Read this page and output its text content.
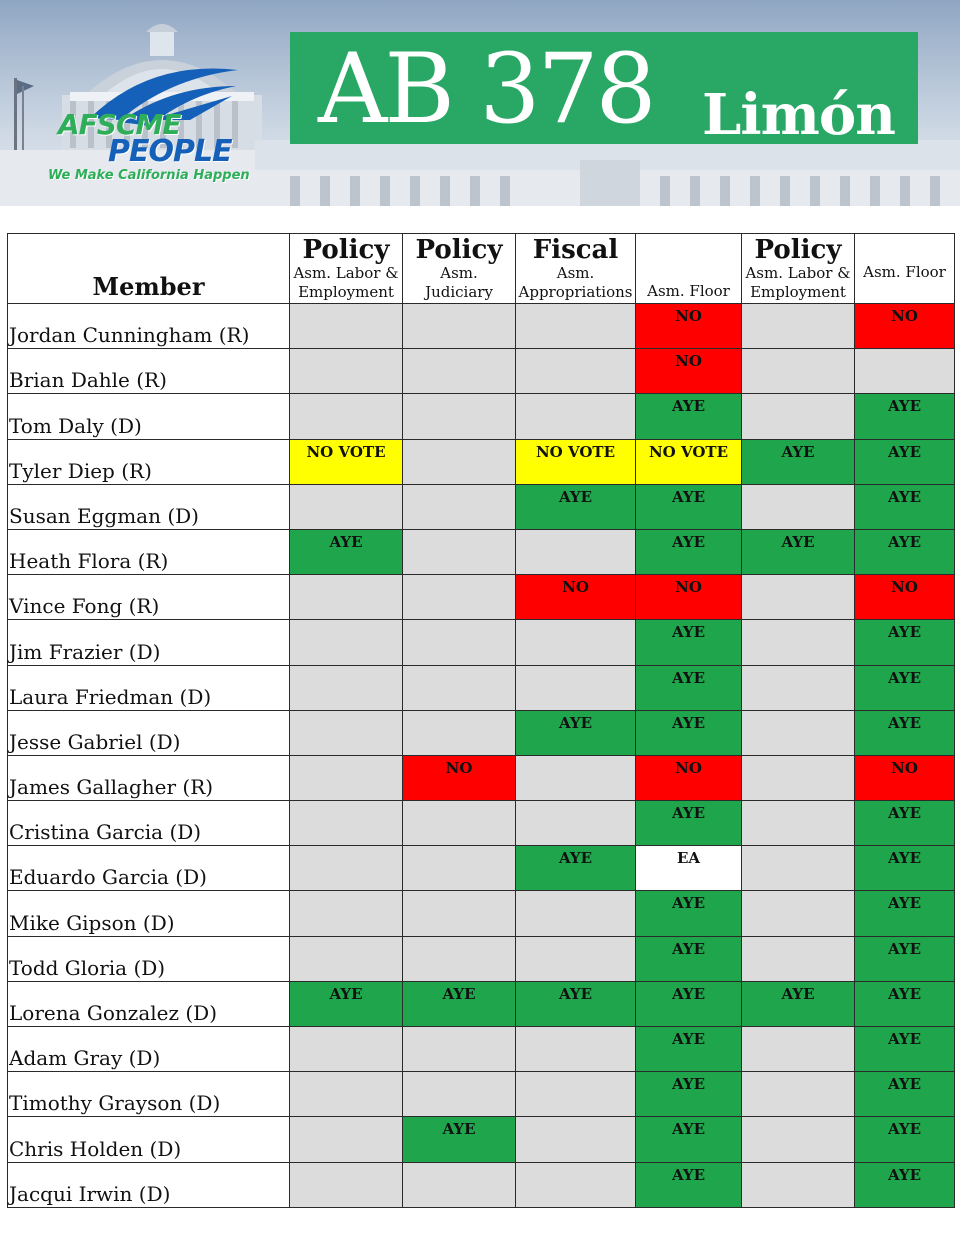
AFSCME
PEOPLE
We Make California Happen
AB 378 Limón
Member	Policy
Asm. Labor &
Employment	Policy
Asm.
Judiciary	Fiscal
Asm.
Appropriations	Asm. Floor	Policy
Asm. Labor &
Employment	Asm. Floor

Jordan Cunningham (R)				NO		NO
Brian Dahle (R)				NO		
Tom Daly (D)				AYE		AYE
Tyler Diep (R)	NO VOTE		NO VOTE	NO VOTE	AYE	AYE
Susan Eggman (D)			AYE	AYE		AYE
Heath Flora (R)	AYE			AYE	AYE	AYE
Vince Fong (R)			NO	NO		NO
Jim Frazier (D)				AYE		AYE
Laura Friedman (D)				AYE		AYE
Jesse Gabriel (D)			AYE	AYE		AYE
James Gallagher (R)		NO		NO		NO
Cristina Garcia (D)				AYE		AYE
Eduardo Garcia (D)			AYE	EA		AYE
Mike Gipson (D)				AYE		AYE
Todd Gloria (D)				AYE		AYE
Lorena Gonzalez (D)	AYE	AYE	AYE	AYE	AYE	AYE
Adam Gray (D)				AYE		AYE
Timothy Grayson (D)				AYE		AYE
Chris Holden (D)		AYE		AYE		AYE
Jacqui Irwin (D)				AYE		AYE
